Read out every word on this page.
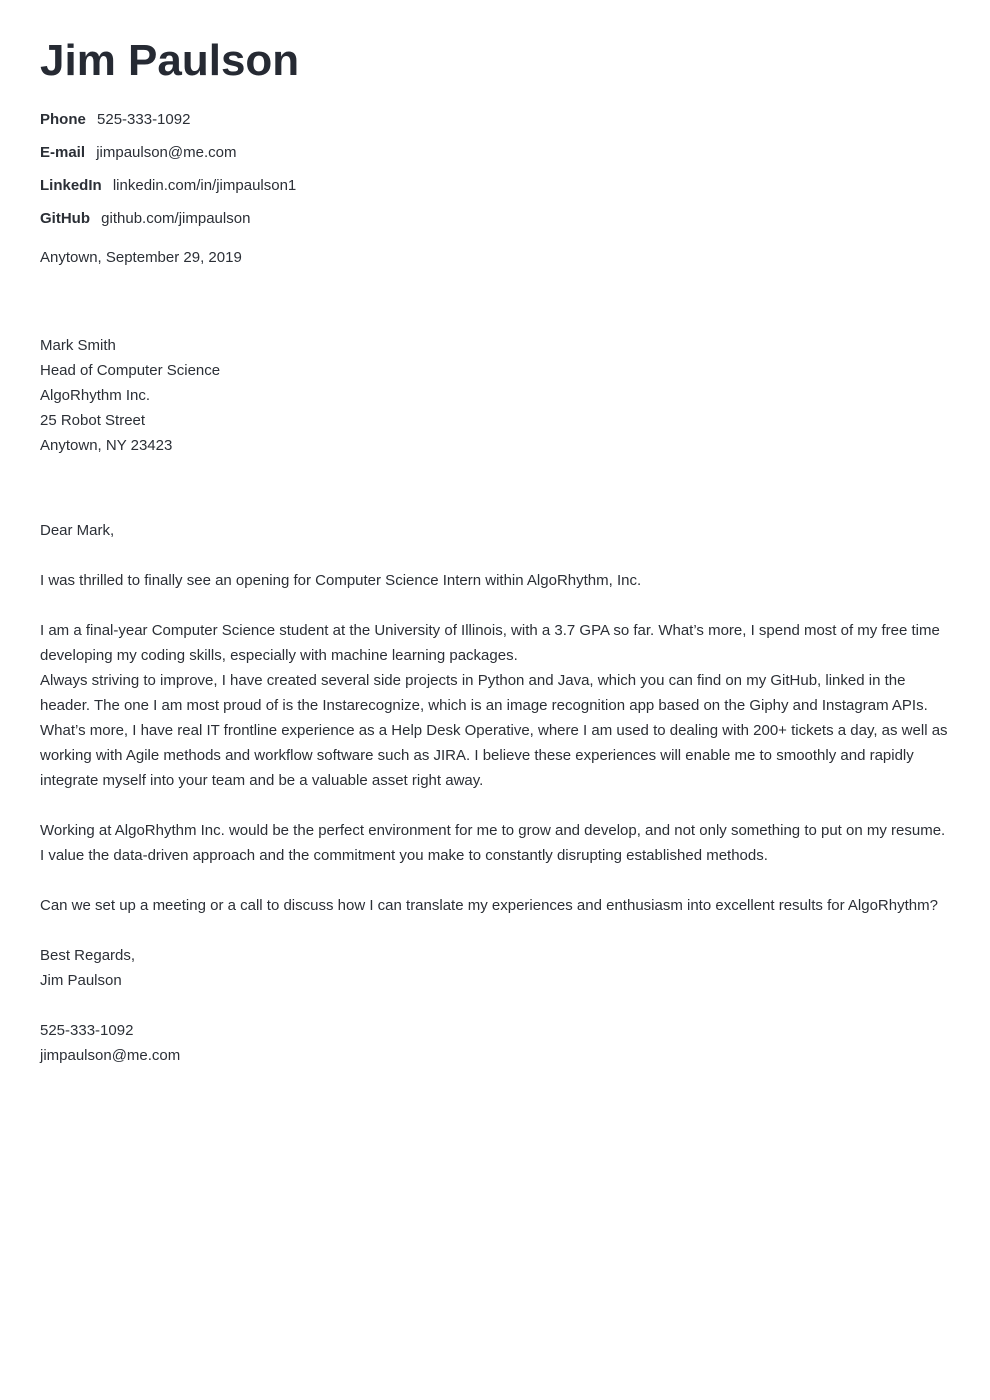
Jim Paulson
Phone 525-333-1092
E-mail jimpaulson@me.com
LinkedIn linkedin.com/in/jimpaulson1
GitHub github.com/jimpaulson
Anytown, September 29, 2019
Mark Smith
Head of Computer Science
AlgoRhythm Inc.
25 Robot Street
Anytown, NY 23423

Dear Mark,

I was thrilled to finally see an opening for Computer Science Intern within AlgoRhythm, Inc.

I am a final-year Computer Science student at the University of Illinois, with a 3.7 GPA so far. What’s more, I spend most of my free time developing my coding skills, especially with machine learning packages.

Always striving to improve, I have created several side projects in Python and Java, which you can find on my GitHub, linked in the header. The one I am most proud of is the Instarecognize, which is an image recognition app based on the Giphy and Instagram APIs. What’s more, I have real IT frontline experience as a Help Desk Operative, where I am used to dealing with 200+ tickets a day, as well as working with Agile methods and workflow software such as JIRA. I believe these experiences will enable me to smoothly and rapidly integrate myself into your team and be a valuable asset right away.

Working at AlgoRhythm Inc. would be the perfect environment for me to grow and develop, and not only something to put on my resume. I value the data-driven approach and the commitment you make to constantly disrupting established methods.

Can we set up a meeting or a call to discuss how I can translate my experiences and enthusiasm into excellent results for AlgoRhythm?

Best Regards,
Jim Paulson
525-333-1092
jimpaulson@me.com
